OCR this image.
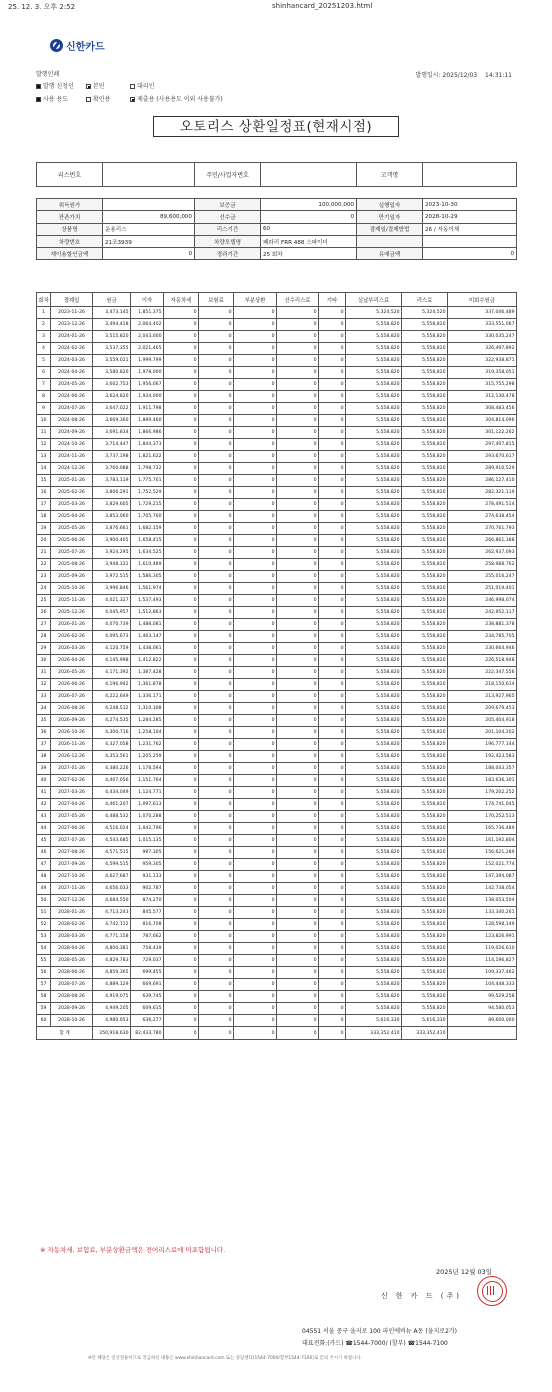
25. 12. 3. 오후 2:52	shinhancard_20251203.html
신한카드
발행인쇄
발행 신청인	본인	대리인
사용 용도	확인용	제출용 (사용용도 이외 사용불가)
발행일시: 2025/12/03 14:31:11
오토리스 상환일정표(현재시점)
리스번호		주민/사업자번호		고객명	
취득원가		보증금	100,000,000	실행일자	2023-10-30
잔존가치	89,600,000	선수금	0	만기일자	2028-10-29
상품명	운용리스	리스기간	60	결제일/결제방법	26 / 자동이체
차량번호	21조3939	차량모델명	페라리 FRR 488 스파이더		
재이용할인금액	0	경과기간	25 회차	유예금액	0
회차	결제일	원금	이자	자동차세	보험료	부분상환	선수리스료	기타	실납부리스료	리스료	미회수원금
1	2023-11-26	3,473,145	1,851,375	0	0	0	0	0	5,324,520	5,324,520	337,046,489
2	2023-12-26	3,494,418	2,064,402	0	0	0	0	0	5,558,820	5,558,820	333,551,067
3	2024-01-26	3,515,820	2,043,000	0	0	0	0	0	5,558,820	5,558,820	330,035,247
4	2024-02-26	3,537,355	2,021,465	0	0	0	0	0	5,558,820	5,558,820	326,497,892
5	2024-03-26	3,559,021	1,999,799	0	0	0	0	0	5,558,820	5,558,820	322,938,871
6	2024-04-26	3,580,820	1,978,000	0	0	0	0	0	5,558,820	5,558,820	319,358,051
7	2024-05-26	3,602,753	1,956,067	0	0	0	0	0	5,558,820	5,558,820	315,755,298
8	2024-06-26	3,624,820	1,934,000	0	0	0	0	0	5,558,820	5,558,820	312,130,478
9	2024-07-26	3,647,022	1,911,798	0	0	0	0	0	5,558,820	5,558,820	308,483,456
10	2024-08-26	3,669,360	1,889,460	0	0	0	0	0	5,558,820	5,558,820	304,814,096
11	2024-09-26	3,691,834	1,866,986	0	0	0	0	0	5,558,820	5,558,820	301,122,262
12	2024-10-26	3,714,447	1,844,373	0	0	0	0	0	5,558,820	5,558,820	297,407,815
13	2024-11-26	3,737,198	1,821,622	0	0	0	0	0	5,558,820	5,558,820	293,670,617
14	2024-12-26	3,760,088	1,798,732	0	0	0	0	0	5,558,820	5,558,820	289,910,529
15	2025-01-26	3,783,119	1,775,701	0	0	0	0	0	5,558,820	5,558,820	286,127,410
16	2025-02-26	3,806,291	1,752,529	0	0	0	0	0	5,558,820	5,558,820	282,321,119
17	2025-03-26	3,829,605	1,729,215	0	0	0	0	0	5,558,820	5,558,820	278,491,514
18	2025-04-26	3,853,060	1,705,760	0	0	0	0	0	5,558,820	5,558,820	274,638,454
19	2025-05-26	3,876,661	1,682,159	0	0	0	0	0	5,558,820	5,558,820	270,761,793
20	2025-06-26	3,900,405	1,658,415	0	0	0	0	0	5,558,820	5,558,820	266,861,388
21	2025-07-26	3,924,295	1,634,525	0	0	0	0	0	5,558,820	5,558,820	262,937,093
22	2025-08-26	3,948,331	1,610,489	0	0	0	0	0	5,558,820	5,558,820	258,988,762
23	2025-09-26	3,972,515	1,586,305	0	0	0	0	0	5,558,820	5,558,820	255,016,247
24	2025-10-26	3,996,846	1,561,974	0	0	0	0	0	5,558,820	5,558,820	251,019,401
25	2025-11-26	4,021,327	1,537,493	0	0	0	0	0	5,558,820	5,558,820	246,998,074
26	2025-12-26	4,045,957	1,512,863	0	0	0	0	0	5,558,820	5,558,820	242,952,117
27	2026-01-26	4,070,739	1,488,081	0	0	0	0	0	5,558,820	5,558,820	238,881,378
28	2026-02-26	4,095,673	1,463,147	0	0	0	0	0	5,558,820	5,558,820	234,785,705
29	2026-03-26	4,120,759	1,438,061	0	0	0	0	0	5,558,820	5,558,820	230,664,946
30	2026-04-26	4,145,998	1,412,822	0	0	0	0	0	5,558,820	5,558,820	226,518,948
31	2026-05-26	4,171,392	1,387,428	0	0	0	0	0	5,558,820	5,558,820	222,347,556
32	2026-06-26	4,196,942	1,361,878	0	0	0	0	0	5,558,820	5,558,820	218,150,614
33	2026-07-26	4,222,649	1,336,171	0	0	0	0	0	5,558,820	5,558,820	213,927,965
34	2026-08-26	4,248,512	1,310,308	0	0	0	0	0	5,558,820	5,558,820	209,679,453
35	2026-09-26	4,274,535	1,284,285	0	0	0	0	0	5,558,820	5,558,820	205,404,918
36	2026-10-26	4,300,716	1,258,104	0	0	0	0	0	5,558,820	5,558,820	201,104,202
37	2026-11-26	4,327,058	1,231,762	0	0	0	0	0	5,558,820	5,558,820	196,777,144
38	2026-12-26	4,353,561	1,205,259	0	0	0	0	0	5,558,820	5,558,820	192,423,583
39	2027-01-26	4,380,226	1,178,594	0	0	0	0	0	5,558,820	5,558,820	188,043,357
40	2027-02-26	4,407,056	1,151,764	0	0	0	0	0	5,558,820	5,558,820	183,636,301
41	2027-03-26	4,434,049	1,124,771	0	0	0	0	0	5,558,820	5,558,820	179,202,252
42	2027-04-26	4,461,207	1,097,613	0	0	0	0	0	5,558,820	5,558,820	174,741,045
43	2027-05-26	4,488,532	1,070,288	0	0	0	0	0	5,558,820	5,558,820	170,252,513
44	2027-06-26	4,516,024	1,042,796	0	0	0	0	0	5,558,820	5,558,820	165,736,489
45	2027-07-26	4,543,685	1,015,135	0	0	0	0	0	5,558,820	5,558,820	161,192,804
46	2027-08-26	4,571,515	987,305	0	0	0	0	0	5,558,820	5,558,820	156,621,289
47	2027-09-26	4,599,515	959,305	0	0	0	0	0	5,558,820	5,558,820	152,021,774
48	2027-10-26	4,627,687	931,133	0	0	0	0	0	5,558,820	5,558,820	147,394,087
49	2027-11-26	4,656,033	902,787	0	0	0	0	0	5,558,820	5,558,820	142,738,054
50	2027-12-26	4,684,550	874,270	0	0	0	0	0	5,558,820	5,558,820	138,053,504
51	2028-01-26	4,713,243	845,577	0	0	0	0	0	5,558,820	5,558,820	133,340,261
52	2028-02-26	4,742,112	816,708	0	0	0	0	0	5,558,820	5,558,820	128,598,149
53	2028-03-26	4,771,158	787,662	0	0	0	0	0	5,558,820	5,558,820	123,826,991
54	2028-04-26	4,800,381	758,439	0	0	0	0	0	5,558,820	5,558,820	119,026,610
55	2028-05-26	4,829,783	729,037	0	0	0	0	0	5,558,820	5,558,820	114,196,827
56	2028-06-26	4,859,365	699,455	0	0	0	0	0	5,558,820	5,558,820	109,337,462
57	2028-07-26	4,889,129	669,691	0	0	0	0	0	5,558,820	5,558,820	104,448,333
58	2028-08-26	4,919,075	639,745	0	0	0	0	0	5,558,820	5,558,820	99,529,258
59	2028-09-26	4,949,205	609,615	0	0	0	0	0	5,558,820	5,558,820	94,580,053
60	2028-10-26	4,980,053	636,277	0	0	0	0	0	5,616,330	5,616,330	89,600,000
합 계		250,918,630	82,433,780	0	0	0	0	0	333,352,410	333,352,410	
※ 자동차세, 보험료, 부분상환금액은 전어리스료에 미포함됩니다.
2025년 12월 03일
신 한 카 드 (주)
04551 서울 중구 을지로 100 파인에비뉴 A동 (을지로2가)
대표전화:(카드) ☎1544-7000/ (할부) ☎1544-7100
※본 해당은 일산전용이므로 궁금하신 내용은 www.shinhancard.com 또는 상담센터(1544-7000/할부1544-7100)로 문의 주시기 바랍니다.
